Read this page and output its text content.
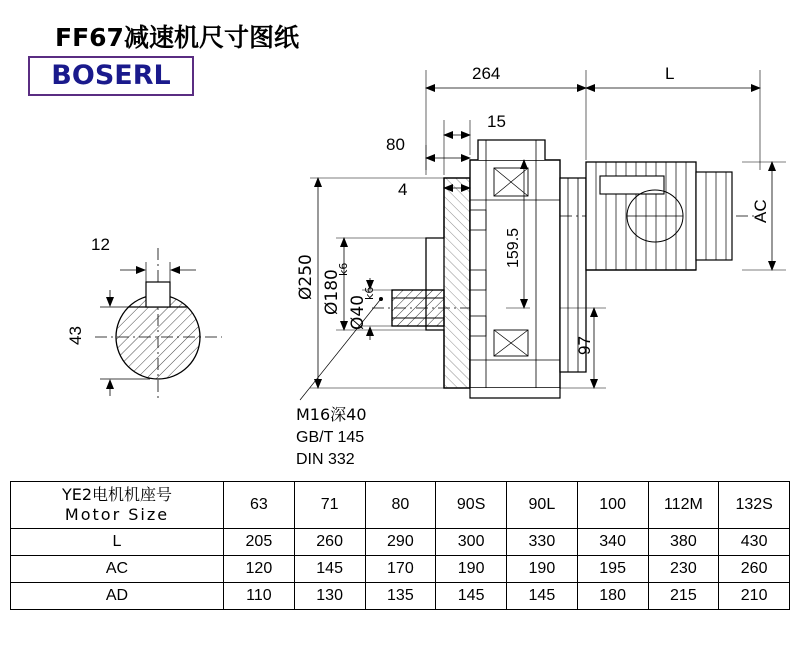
FF67减速机尺寸图纸
BOSERL
12
43
264	L
15
80
4
AC
159.5
97
Ø250 Ø180
k6
Ø40
k6
M16深40
GB/T 145
DIN 332
YE2电机机座号
Motor Size	63	71	80	90S	90L	100	112M	132S
L	205	260	290	300	330	340	380	430
AC	120	145	170	190	190	195	230	260
AD	110	130	135	145	145	180	215	210
